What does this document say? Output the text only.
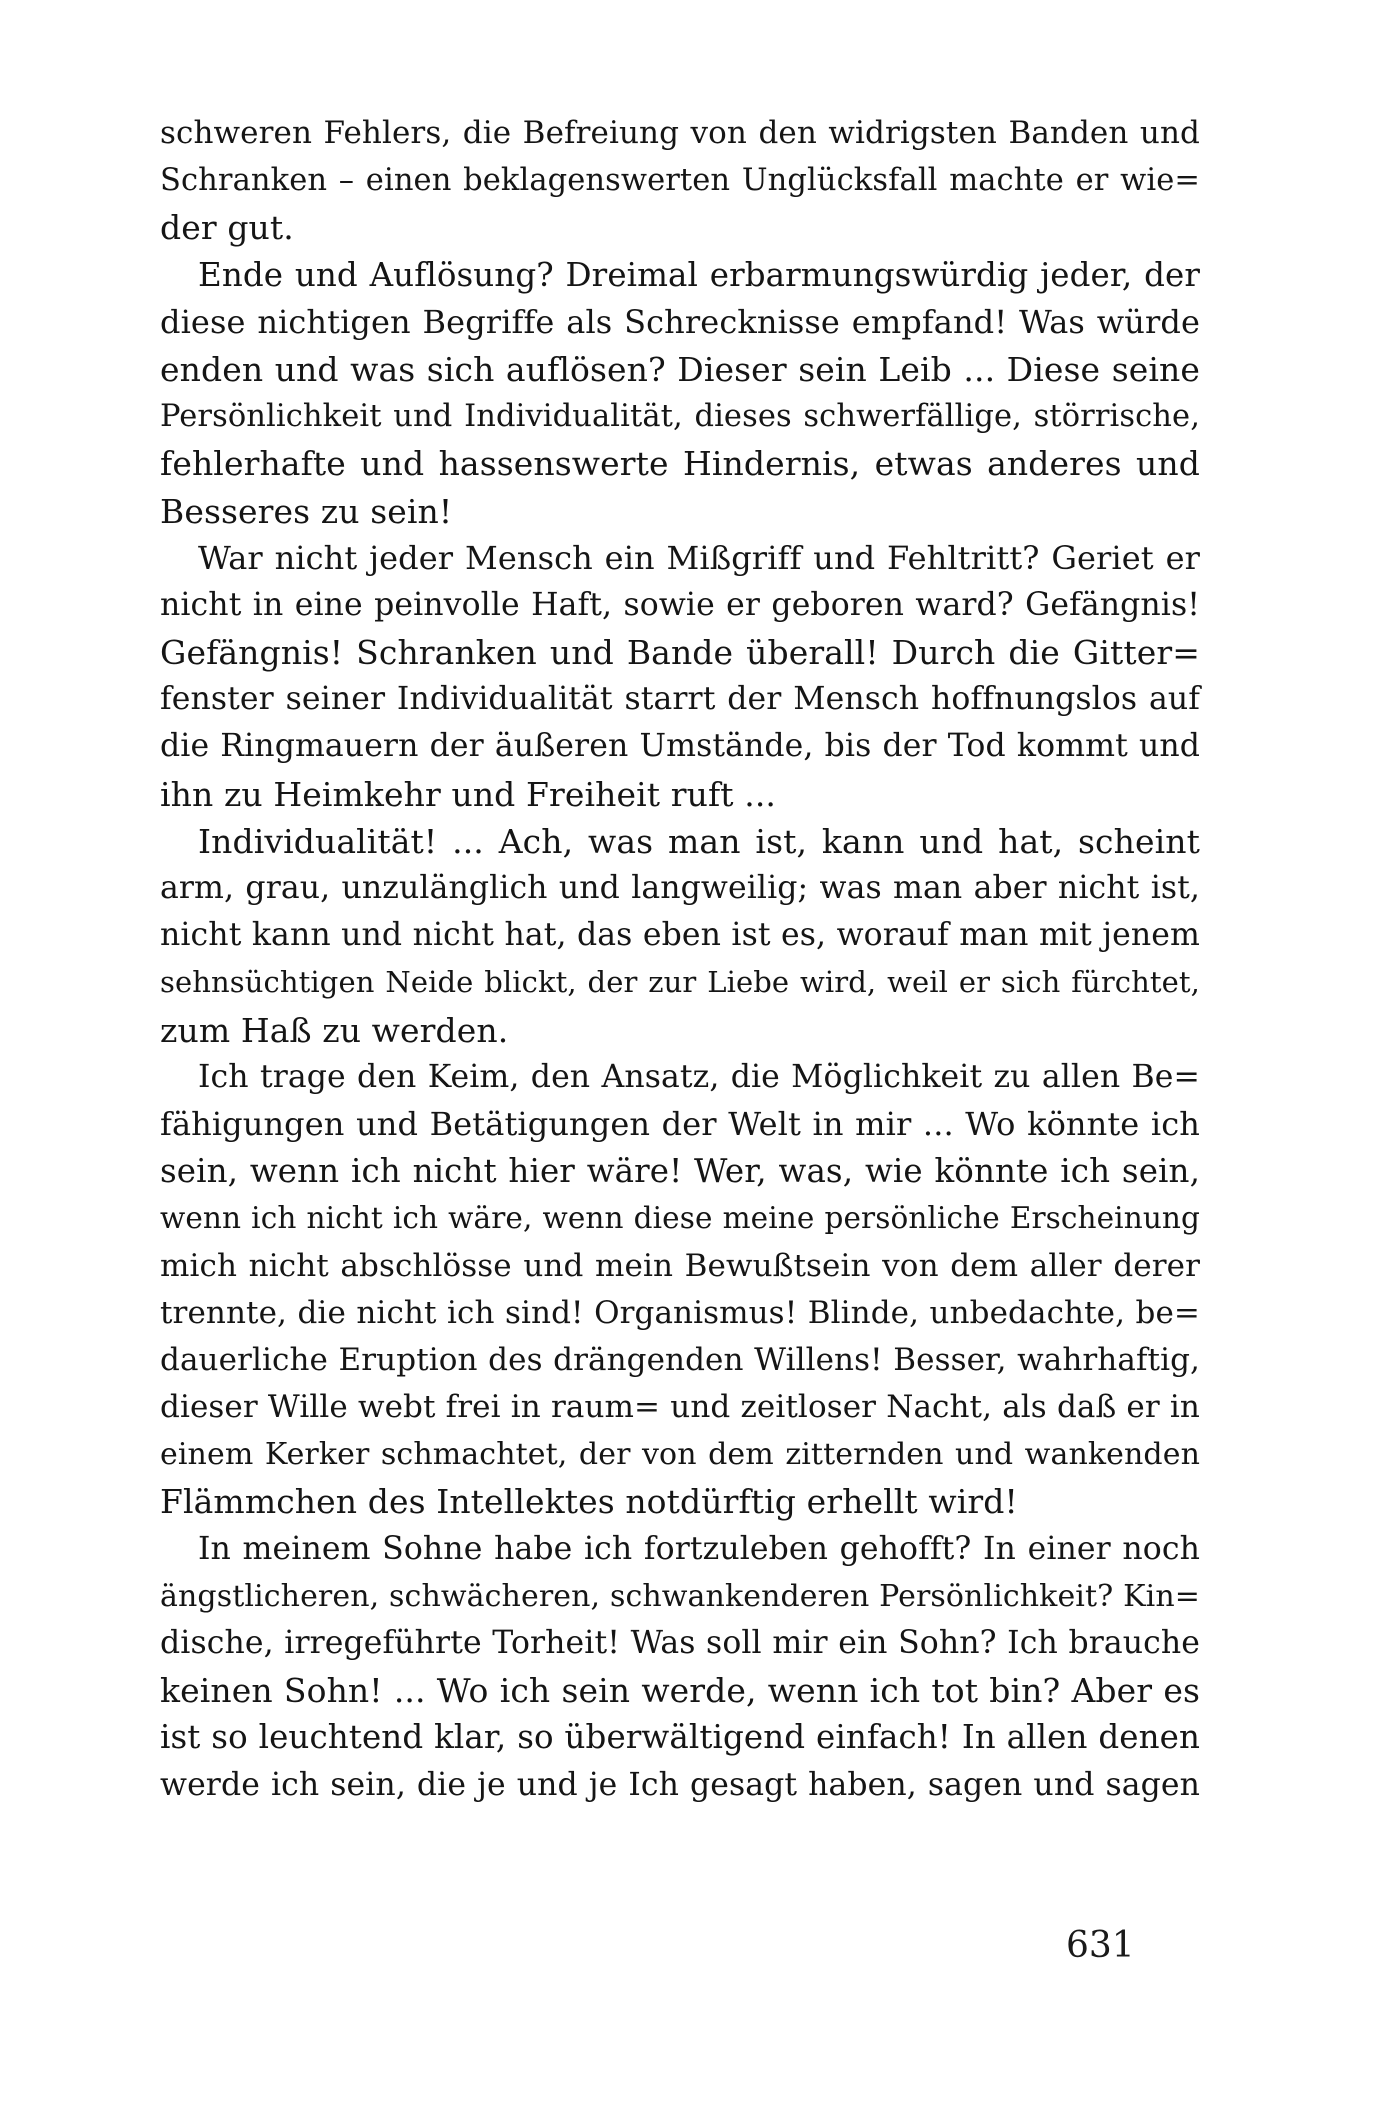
schweren Fehlers, die Befreiung von den widrigsten Banden und
Schranken – einen beklagenswerten Unglücksfall machte er wie=
der gut.
Ende und Auflösung? Dreimal erbarmungswürdig jeder, der
diese nichtigen Begriffe als Schrecknisse empfand! Was würde
enden und was sich auflösen? Dieser sein Leib ... Diese seine
Persönlichkeit und Individualität, dieses schwerfällige, störrische,
fehlerhafte und hassenswerte Hindernis, etwas anderes und
Besseres zu sein!
War nicht jeder Mensch ein Mißgriff und Fehltritt? Geriet er
nicht in eine peinvolle Haft, sowie er geboren ward? Gefängnis!
Gefängnis! Schranken und Bande überall! Durch die Gitter=
fenster seiner Individualität starrt der Mensch hoffnungslos auf
die Ringmauern der äußeren Umstände, bis der Tod kommt und
ihn zu Heimkehr und Freiheit ruft ...
Individualität! ... Ach, was man ist, kann und hat, scheint
arm, grau, unzulänglich und langweilig; was man aber nicht ist,
nicht kann und nicht hat, das eben ist es, worauf man mit jenem
sehnsüchtigen Neide blickt, der zur Liebe wird, weil er sich fürchtet,
zum Haß zu werden.
Ich trage den Keim, den Ansatz, die Möglichkeit zu allen Be=
fähigungen und Betätigungen der Welt in mir ... Wo könnte ich
sein, wenn ich nicht hier wäre! Wer, was, wie könnte ich sein,
wenn ich nicht ich wäre, wenn diese meine persönliche Erscheinung
mich nicht abschlösse und mein Bewußtsein von dem aller derer
trennte, die nicht ich sind! Organismus! Blinde, unbedachte, be=
dauerliche Eruption des drängenden Willens! Besser, wahrhaftig,
dieser Wille webt frei in raum= und zeitloser Nacht, als daß er in
einem Kerker schmachtet, der von dem zitternden und wankenden
Flämmchen des Intellektes notdürftig erhellt wird!
In meinem Sohne habe ich fortzuleben gehofft? In einer noch
ängstlicheren, schwächeren, schwankenderen Persönlichkeit? Kin=
dische, irregeführte Torheit! Was soll mir ein Sohn? Ich brauche
keinen Sohn! ... Wo ich sein werde, wenn ich tot bin? Aber es
ist so leuchtend klar, so überwältigend einfach! In allen denen
werde ich sein, die je und je Ich gesagt haben, sagen und sagen
631
